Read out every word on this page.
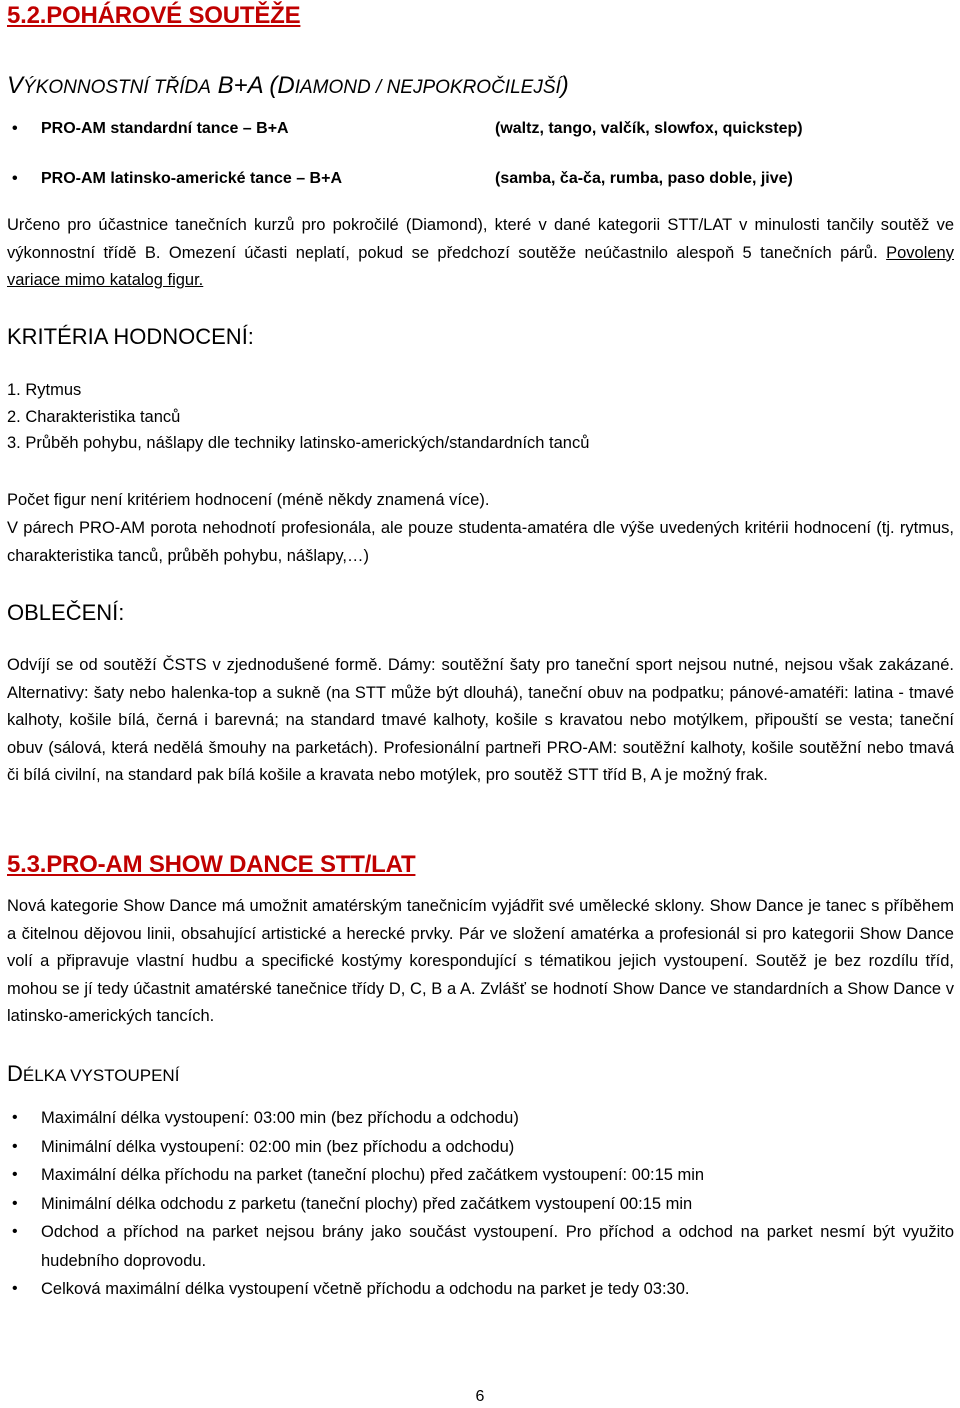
5.2.POHÁROVÉ SOUTĚŽE
VÝKONNOSTNÍ TŘÍDA B+A (DIAMOND / NEJPOKROČILEJŠÍ)
• PRO-AM standardní tance – B+A	(waltz, tango, valčík, slowfox, quickstep)
• PRO-AM latinsko-americké tance – B+A	(samba, ča-ča, rumba, paso doble, jive)

Určeno pro účastnice tanečních kurzů pro pokročilé (Diamond), které v dané kategorii STT/LAT v minulosti tančily soutěž ve výkonnostní třídě B. Omezení účasti neplatí, pokud se předchozí soutěže neúčastnilo alespoň 5 tanečních párů. Povoleny variace mimo katalog figur.

KRITÉRIA HODNOCENÍ:
1. Rytmus
2. Charakteristika tanců
3. Průběh pohybu, nášlapy dle techniky latinsko-amerických/standardních tanců

Počet figur není kritériem hodnocení (méně někdy znamená více).

V párech PRO-AM porota nehodnotí profesionála, ale pouze studenta-amatéra dle výše uvedených kritérii hodnocení (tj. rytmus, charakteristika tanců, průběh pohybu, nášlapy,…)

OBLEČENÍ:

Odvíjí se od soutěží ČSTS v zjednodušené formě. Dámy: soutěžní šaty pro taneční sport nejsou nutné, nejsou však zakázané. Alternativy: šaty nebo halenka-top a sukně (na STT může být dlouhá), taneční obuv na podpatku; pánové-amatéři: latina - tmavé kalhoty, košile bílá, černá i barevná; na standard tmavé kalhoty, košile s kravatou nebo motýlkem, připouští se vesta; taneční obuv (sálová, která nedělá šmouhy na parketách). Profesionální partneři PRO-AM: soutěžní kalhoty, košile soutěžní nebo tmavá či bílá civilní, na standard pak bílá košile a kravata nebo motýlek, pro soutěž STT tříd B, A je možný frak.

5.3.PRO-AM SHOW DANCE STT/LAT

Nová kategorie Show Dance má umožnit amatérským tanečnicím vyjádřit své umělecké sklony. Show Dance je tanec s příběhem a čitelnou dějovou linii, obsahující artistické a herecké prvky. Pár ve složení amatérka a profesionál si pro kategorii Show Dance volí a připravuje vlastní hudbu a specifické kostýmy korespondující s tématikou jejich vystoupení. Soutěž je bez rozdílu tříd, mohou se jí tedy účastnit amatérské tanečnice třídy D, C, B a A. Zvlášť se hodnotí Show Dance ve standardních a Show Dance v latinsko-amerických tancích.

DÉLKA VYSTOUPENÍ
• Maximální délka vystoupení: 03:00 min (bez příchodu a odchodu)
• Minimální délka vystoupení: 02:00 min (bez příchodu a odchodu)
• Maximální délka příchodu na parket (taneční plochu) před začátkem vystoupení: 00:15 min
• Minimální délka odchodu z parketu (taneční plochy) před začátkem vystoupení 00:15 min
• Odchod a příchod na parket nejsou brány jako součást vystoupení. Pro příchod a odchod na parket nesmí být využito hudebního doprovodu.
• Celková maximální délka vystoupení včetně příchodu a odchodu na parket je tedy 03:30.
6
